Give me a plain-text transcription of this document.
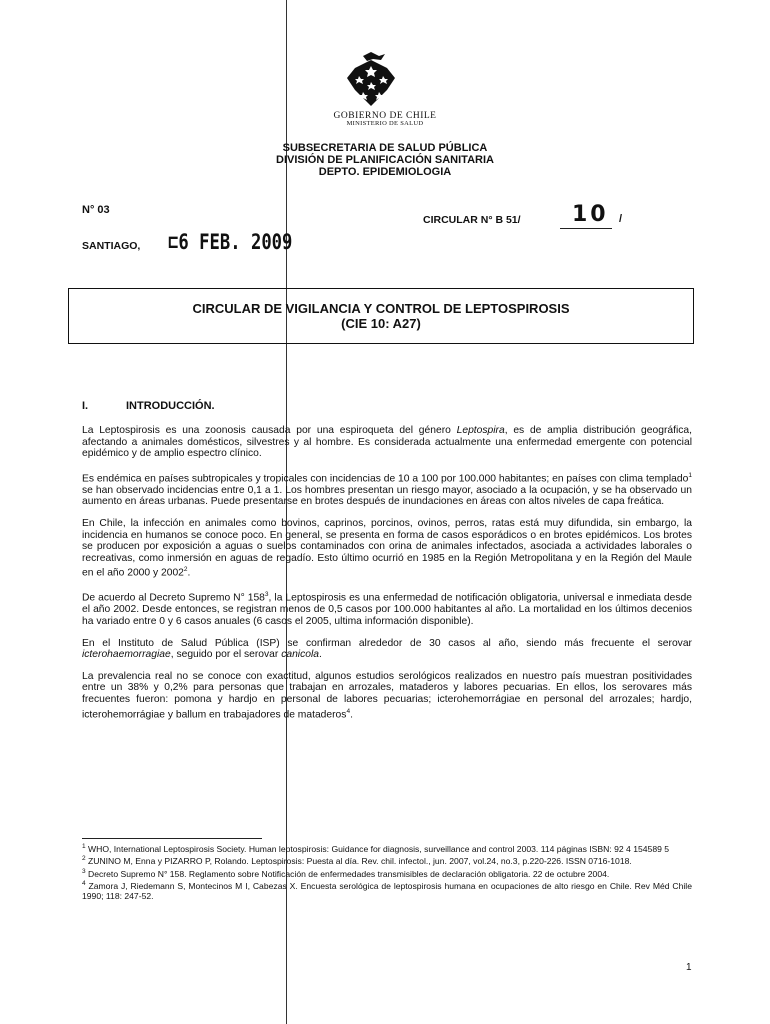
GOBIERNO DE CHILE
MINISTERIO DE SALUD
SUBSECRETARIA DE SALUD PÚBLICA
DIVISIÓN DE PLANIFICACIÓN SANITARIA
DEPTO. EPIDEMIOLOGIA
N° 03
CIRCULAR N° B 51/ 10 /
SANTIAGO, ⊏6 FEB. 2009
CIRCULAR DE VIGILANCIA Y CONTROL DE LEPTOSPIROSIS
(CIE 10: A27)
I.	INTRODUCCIÓN.

La Leptospirosis es una zoonosis causada por una espiroqueta del género Leptospira, es de amplia distribución geográfica, afectando a animales domésticos, silvestres y al hombre. Es considerada actualmente una enfermedad emergente con potencial epidémico y de amplio espectro clínico.

Es endémica en países subtropicales y tropicales con incidencias de 10 a 100 por 100.000 habitantes; en países con clima templado$^1$ se han observado incidencias entre 0,1 a 1. Los hombres presentan un riesgo mayor, asociado a la ocupación, y se ha observado un aumento en áreas urbanas. Puede presentarse en brotes después de inundaciones en áreas con altos niveles de capa freática.

En Chile, la infección en animales como bovinos, caprinos, porcinos, ovinos, perros, ratas está muy difundida, sin embargo, la incidencia en humanos se conoce poco. En general, se presenta en forma de casos esporádicos o en brotes epidémicos. Los brotes se producen por exposición a aguas o suelos contaminados con orina de animales infectados, asociada a actividades laborales o recreativas, como inmersión en aguas de regadío. Esto último ocurrió en 1985 en la Región Metropolitana y en la Región del Maule en el año 2000 y 2002$^2$.

De acuerdo al Decreto Supremo N° $158^3$, la Leptospirosis es una enfermedad de notificación obligatoria, universal e inmediata desde el año 2002. Desde entonces, se registran menos de 0,5 casos por 100.000 habitantes al año. La mortalidad en los últimos decenios ha variado entre 0 y 6 casos anuales (6 casos el 2005, ultima información disponible).

En el Instituto de Salud Pública (ISP) se confirman alrededor de 30 casos al año, siendo más frecuente el serovar icterohaemorragiae, seguido por el serovar canicola.

La prevalencia real no se conoce con exactitud, algunos estudios serológicos realizados en nuestro país muestran positividades entre un 38% y 0,2% para personas que trabajan en arrozales, mataderos y labores pecuarias. En ellos, los serovares más frecuentes fueron: pomona y hardjo en personal de labores pecuarias; icterohemorrágiae en personal del arrozales; hardjo, icterohemorrágiae y ballum en trabajadores de mataderos$^4$.

$^1$ WHO, International Leptospirosis Society. Human leptospirosis: Guidance for diagnosis, surveillance and control 2003. 114 páginas ISBN: 92 4 154589 5
$^2$ ZUNINO M, Enna y PIZARRO P, Rolando. Leptospirosis: Puesta al día. Rev. chil. infectol., jun. 2007, vol.24, no.3, p.220-226. ISSN 0716-1018.
$^3$ Decreto Supremo N° 158. Reglamento sobre Notificación de enfermedades transmisibles de declaración obligatoria. 22 de octubre 2004.
$^4$ Zamora J, Riedemann S, Montecinos M I, Cabezas X. Encuesta serológica de leptospirosis humana en ocupaciones de alto riesgo en Chile. Rev Méd Chile 1990; 118: 247-52.
1
